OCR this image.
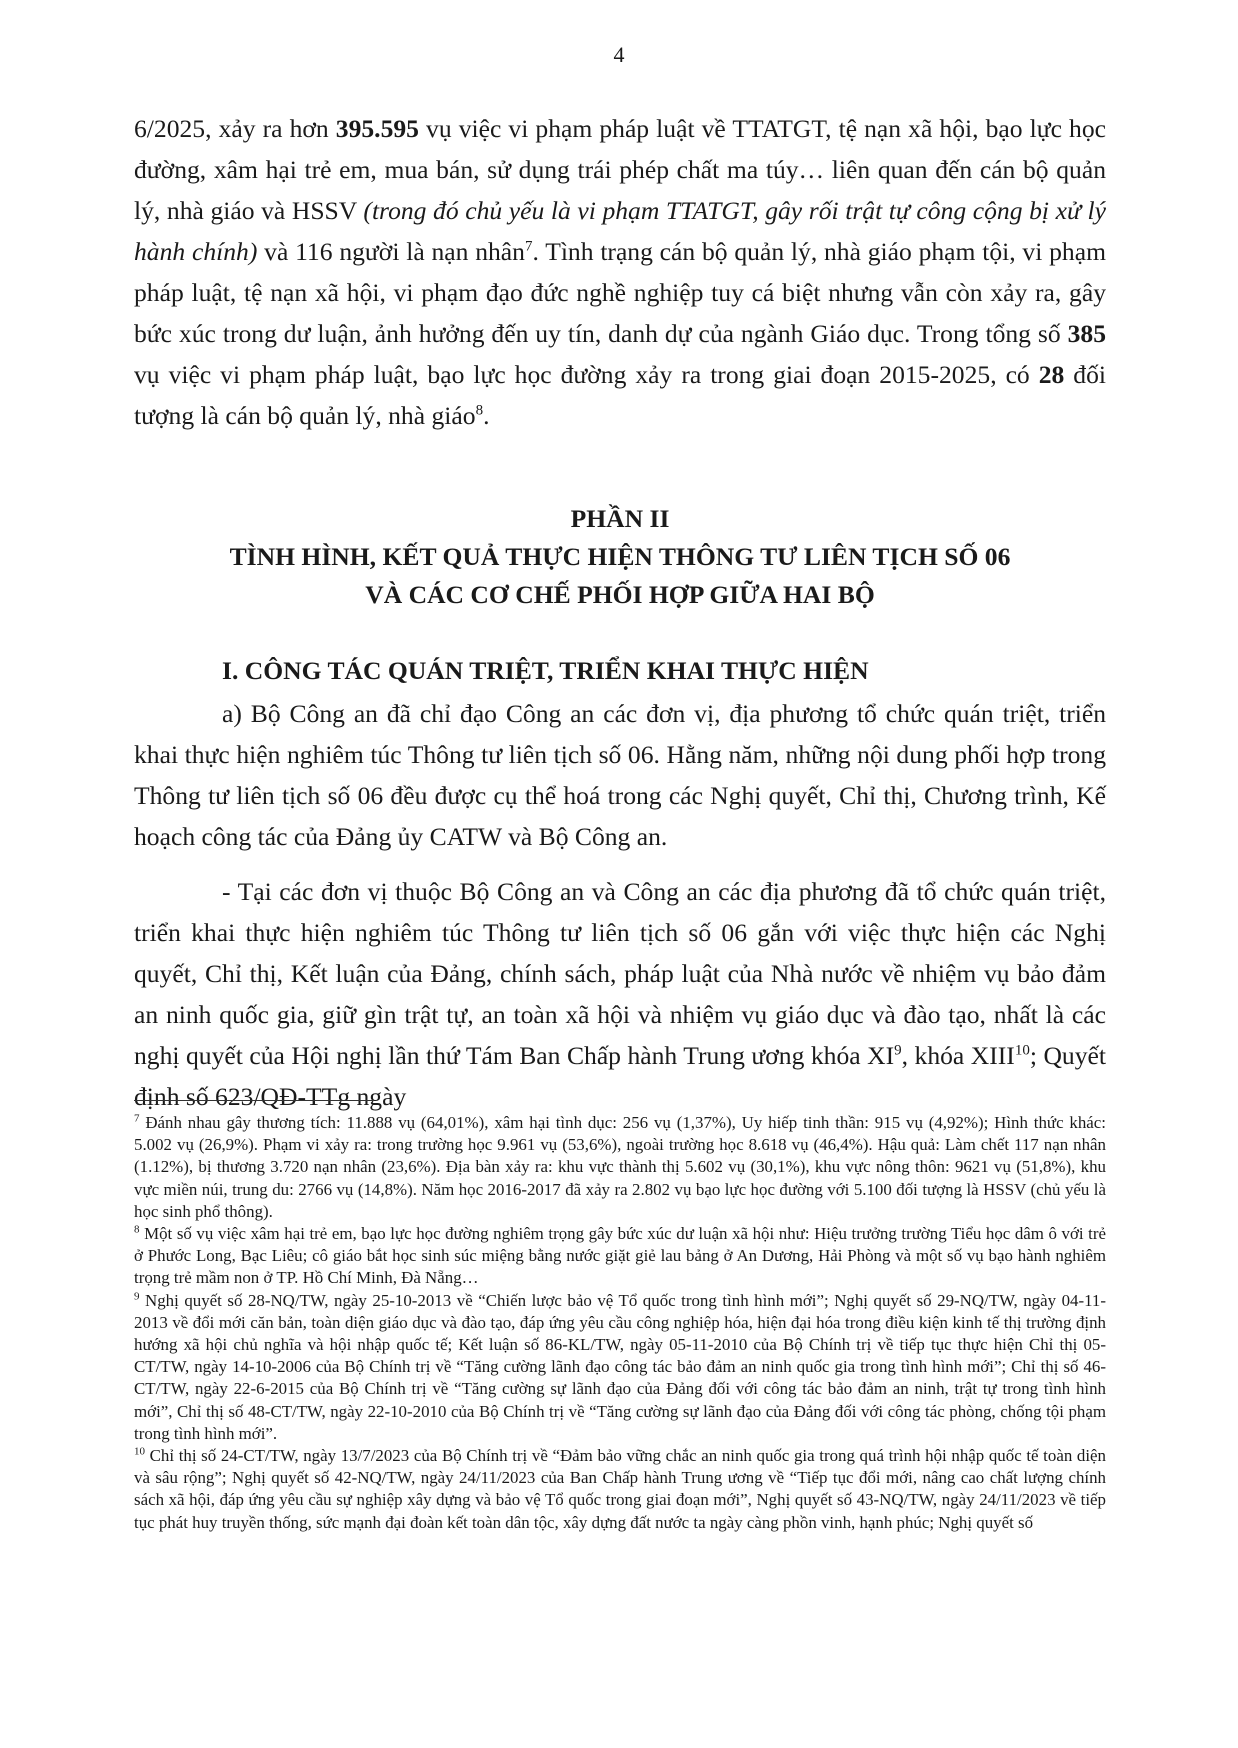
4

6/2025, xảy ra hơn 395.595 vụ việc vi phạm pháp luật về TTATGT, tệ nạn xã hội, bạo lực học đường, xâm hại trẻ em, mua bán, sử dụng trái phép chất ma túy… liên quan đến cán bộ quản lý, nhà giáo và HSSV (trong đó chủ yếu là vi phạm TTATGT, gây rối trật tự công cộng bị xử lý hành chính) và 116 người là nạn nhân$^7$. Tình trạng cán bộ quản lý, nhà giáo phạm tội, vi phạm pháp luật, tệ nạn xã hội, vi phạm đạo đức nghề nghiệp tuy cá biệt nhưng vẫn còn xảy ra, gây bức xúc trong dư luận, ảnh hưởng đến uy tín, danh dự của ngành Giáo dục. Trong tổng số 385 vụ việc vi phạm pháp luật, bạo lực học đường xảy ra trong giai đoạn 2015-2025, có 28 đối tượng là cán bộ quản lý, nhà giáo$^8$.

PHẦN II
TÌNH HÌNH, KẾT QUẢ THỰC HIỆN THÔNG TƯ LIÊN TỊCH SỐ 06
VÀ CÁC CƠ CHẾ PHỐI HỢP GIỮA HAI BỘ
I. CÔNG TÁC QUÁN TRIỆT, TRIỂN KHAI THỰC HIỆN

a) Bộ Công an đã chỉ đạo Công an các đơn vị, địa phương tổ chức quán triệt, triển khai thực hiện nghiêm túc Thông tư liên tịch số 06. Hằng năm, những nội dung phối hợp trong Thông tư liên tịch số 06 đều được cụ thể hoá trong các Nghị quyết, Chỉ thị, Chương trình, Kế hoạch công tác của Đảng ủy CATW và Bộ Công an.

- Tại các đơn vị thuộc Bộ Công an và Công an các địa phương đã tổ chức quán triệt, triển khai thực hiện nghiêm túc Thông tư liên tịch số 06 gắn với việc thực hiện các Nghị quyết, Chỉ thị, Kết luận của Đảng, chính sách, pháp luật của Nhà nước về nhiệm vụ bảo đảm an ninh quốc gia, giữ gìn trật tự, an toàn xã hội và nhiệm vụ giáo dục và đào tạo, nhất là các nghị quyết của Hội nghị lần thứ Tám Ban Chấp hành Trung ương khóa $XI^9$, khóa XIII$^{10}$; Quyết định số 623/QĐ-TTg ngày

$^7$ Đánh nhau gây thương tích: 11.888 vụ (64,01%), xâm hại tình dục: 256 vụ (1,37%), Uy hiếp tinh thần: 915 vụ (4,92%); Hình thức khác: 5.002 vụ (26,9%). Phạm vi xảy ra: trong trường học 9.961 vụ (53,6%), ngoài trường học 8.618 vụ (46,4%). Hậu quả: Làm chết 117 nạn nhân (1.12%), bị thương 3.720 nạn nhân (23,6%). Địa bàn xảy ra: khu vực thành thị 5.602 vụ (30,1%), khu vực nông thôn: 9621 vụ (51,8%), khu vực miền núi, trung du: 2766 vụ (14,8%). Năm học 2016-2017 đã xảy ra 2.802 vụ bạo lực học đường với 5.100 đối tượng là HSSV (chủ yếu là học sinh phổ thông).

$^8$ Một số vụ việc xâm hại trẻ em, bạo lực học đường nghiêm trọng gây bức xúc dư luận xã hội như: Hiệu trưởng trường Tiểu học dâm ô với trẻ ở Phước Long, Bạc Liêu; cô giáo bắt học sinh súc miệng bằng nước giặt giẻ lau bảng ở An Dương, Hải Phòng và một số vụ bạo hành nghiêm trọng trẻ mầm non ở TP. Hồ Chí Minh, Đà Nẵng…

$^9$ Nghị quyết số 28-NQ/TW, ngày 25-10-2013 về “Chiến lược bảo vệ Tổ quốc trong tình hình mới”; Nghị quyết số 29-NQ/TW, ngày 04-11-2013 về đổi mới căn bản, toàn diện giáo dục và đào tạo, đáp ứng yêu cầu công nghiệp hóa, hiện đại hóa trong điều kiện kinh tế thị trường định hướng xã hội chủ nghĩa và hội nhập quốc tế; Kết luận số 86-KL/TW, ngày 05-11-2010 của Bộ Chính trị về tiếp tục thực hiện Chỉ thị 05-CT/TW, ngày 14-10-2006 của Bộ Chính trị về “Tăng cường lãnh đạo công tác bảo đảm an ninh quốc gia trong tình hình mới”; Chỉ thị số 46-CT/TW, ngày 22-6-2015 của Bộ Chính trị về “Tăng cường sự lãnh đạo của Đảng đối với công tác bảo đảm an ninh, trật tự trong tình hình mới”, Chỉ thị số 48-CT/TW, ngày 22-10-2010 của Bộ Chính trị về “Tăng cường sự lãnh đạo của Đảng đối với công tác phòng, chống tội phạm trong tình hình mới”.

$^{10}$ Chỉ thị số 24-CT/TW, ngày 13/7/2023 của Bộ Chính trị về “Đảm bảo vững chắc an ninh quốc gia trong quá trình hội nhập quốc tế toàn diện và sâu rộng”; Nghị quyết số 42-NQ/TW, ngày 24/11/2023 của Ban Chấp hành Trung ương về “Tiếp tục đổi mới, nâng cao chất lượng chính sách xã hội, đáp ứng yêu cầu sự nghiệp xây dựng và bảo vệ Tổ quốc trong giai đoạn mới”, Nghị quyết số 43-NQ/TW, ngày 24/11/2023 về tiếp tục phát huy truyền thống, sức mạnh đại đoàn kết toàn dân tộc, xây dựng đất nước ta ngày càng phồn vinh, hạnh phúc; Nghị quyết số
